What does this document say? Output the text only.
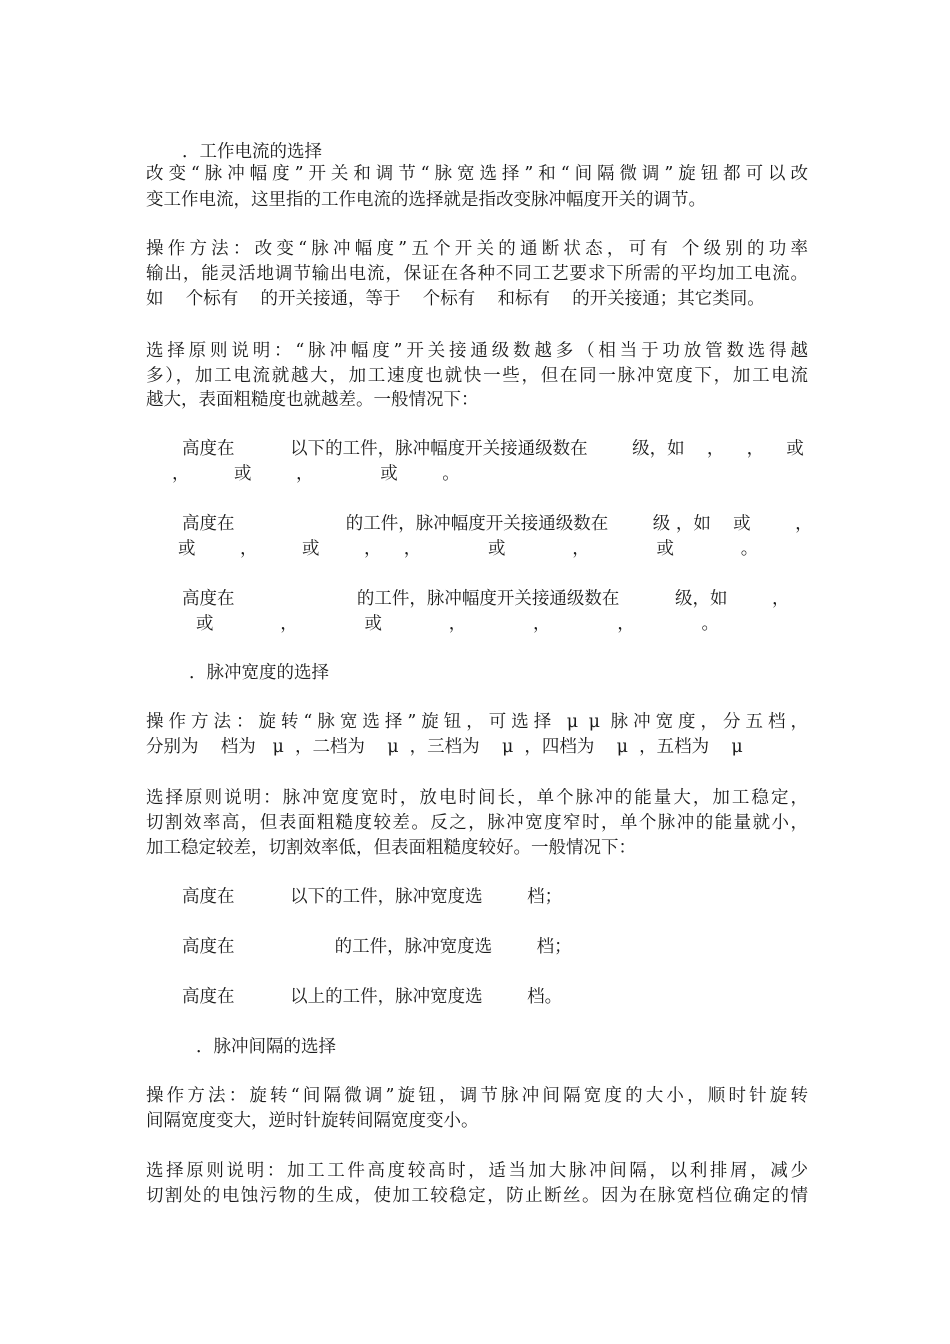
．工作电流的选择
改变“脉冲幅度”开关和调节“脉宽选择”和“间隔微调”旋钮都可以改
变工作电流，这里指的工作电流的选择就是指改变脉冲幅度开关的调节。
操作方法：改变“脉冲幅度”五个开关的通断状态，可有 个级别的功率
输出，能灵活地调节输出电流，保证在各种不同工艺要求下所需的平均加工电流。
如    个标有    的开关接通，等于    个标有    和标有    的开关接通；其它类同。
选择原则说明：“脉冲幅度”开关接通级数越多（相当于功放管数选得越
多），加工电流就越大，加工速度也就快一些，但在同一脉冲宽度下，加工电流
越大，表面粗糙度也就越差。一般情况下：
高度在          以下的工件，脉冲幅度开关接通级数在        级，如    ，    ，    或
，        或        ，            或        。
高度在                    的工件，脉冲幅度开关接通级数在        级 ，如    或        ，
或        ，        或        ，    ，            或            ，            或            。
高度在                      的工件，脉冲幅度开关接通级数在          级，如        ，
或            ，            或            ，            ，            ，            。
．脉冲宽度的选择
操作方法：旋转“脉宽选择”旋钮，可选择 μ μ 脉冲宽度，分五档，
分别为    档为   μ  ，二档为    μ  ，三档为    μ  ，四档为    μ  ，五档为    μ
选择原则说明：脉冲宽度宽时，放电时间长，单个脉冲的能量大，加工稳定，
切割效率高，但表面粗糙度较差。反之，脉冲宽度窄时，单个脉冲的能量就小，
加工稳定较差，切割效率低，但表面粗糙度较好。一般情况下：
高度在          以下的工件，脉冲宽度选        档；
高度在                  的工件，脉冲宽度选        档；
高度在          以上的工件，脉冲宽度选        档。
．脉冲间隔的选择
操作方法：旋转“间隔微调”旋钮，调节脉冲间隔宽度的大小，顺时针旋转
间隔宽度变大，逆时针旋转间隔宽度变小。
选择原则说明：加工工件高度较高时，适当加大脉冲间隔，以利排屑，减少
切割处的电蚀污物的生成，使加工较稳定，防止断丝。因为在脉宽档位确定的情
